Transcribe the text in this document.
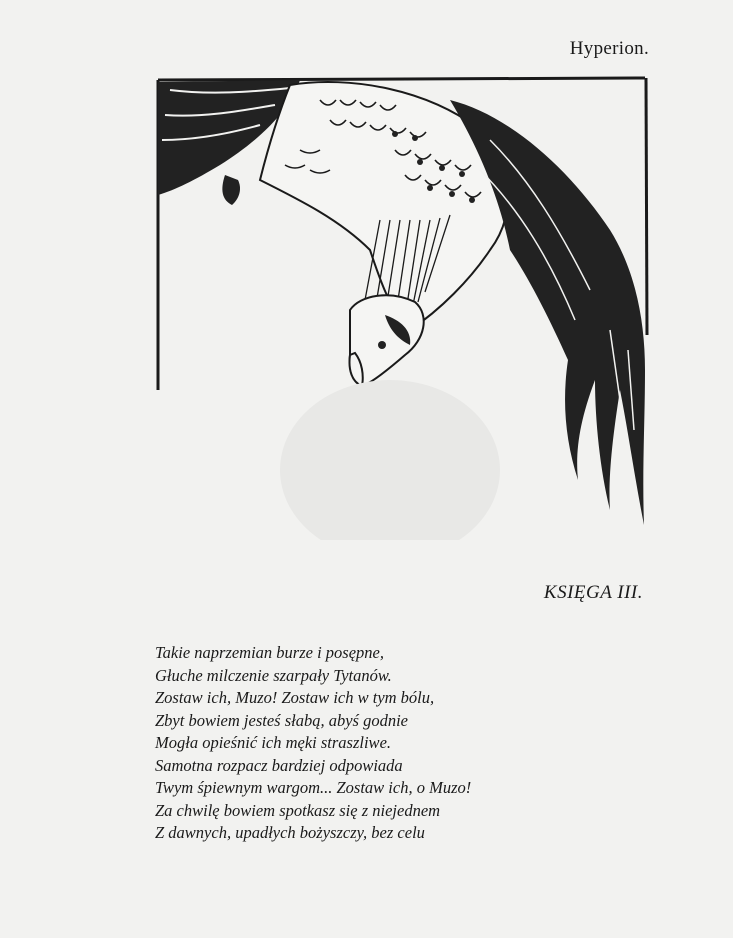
Hyperion.
KSIĘGA III.
Takie naprzemian burze i posępne,
Głuche milczenie szarpały Tytanów.
Zostaw ich, Muzo! Zostaw ich w tym bólu,
Zbyt bowiem jesteś słabą, abyś godnie
Mogła opieśnić ich męki straszliwe.
Samotna rozpacz bardziej odpowiada
Twym śpiewnym wargom... Zostaw ich, o Muzo!
Za chwilę bowiem spotkasz się z niejednem
Z dawnych, upadłych bożyszczy, bez celu
